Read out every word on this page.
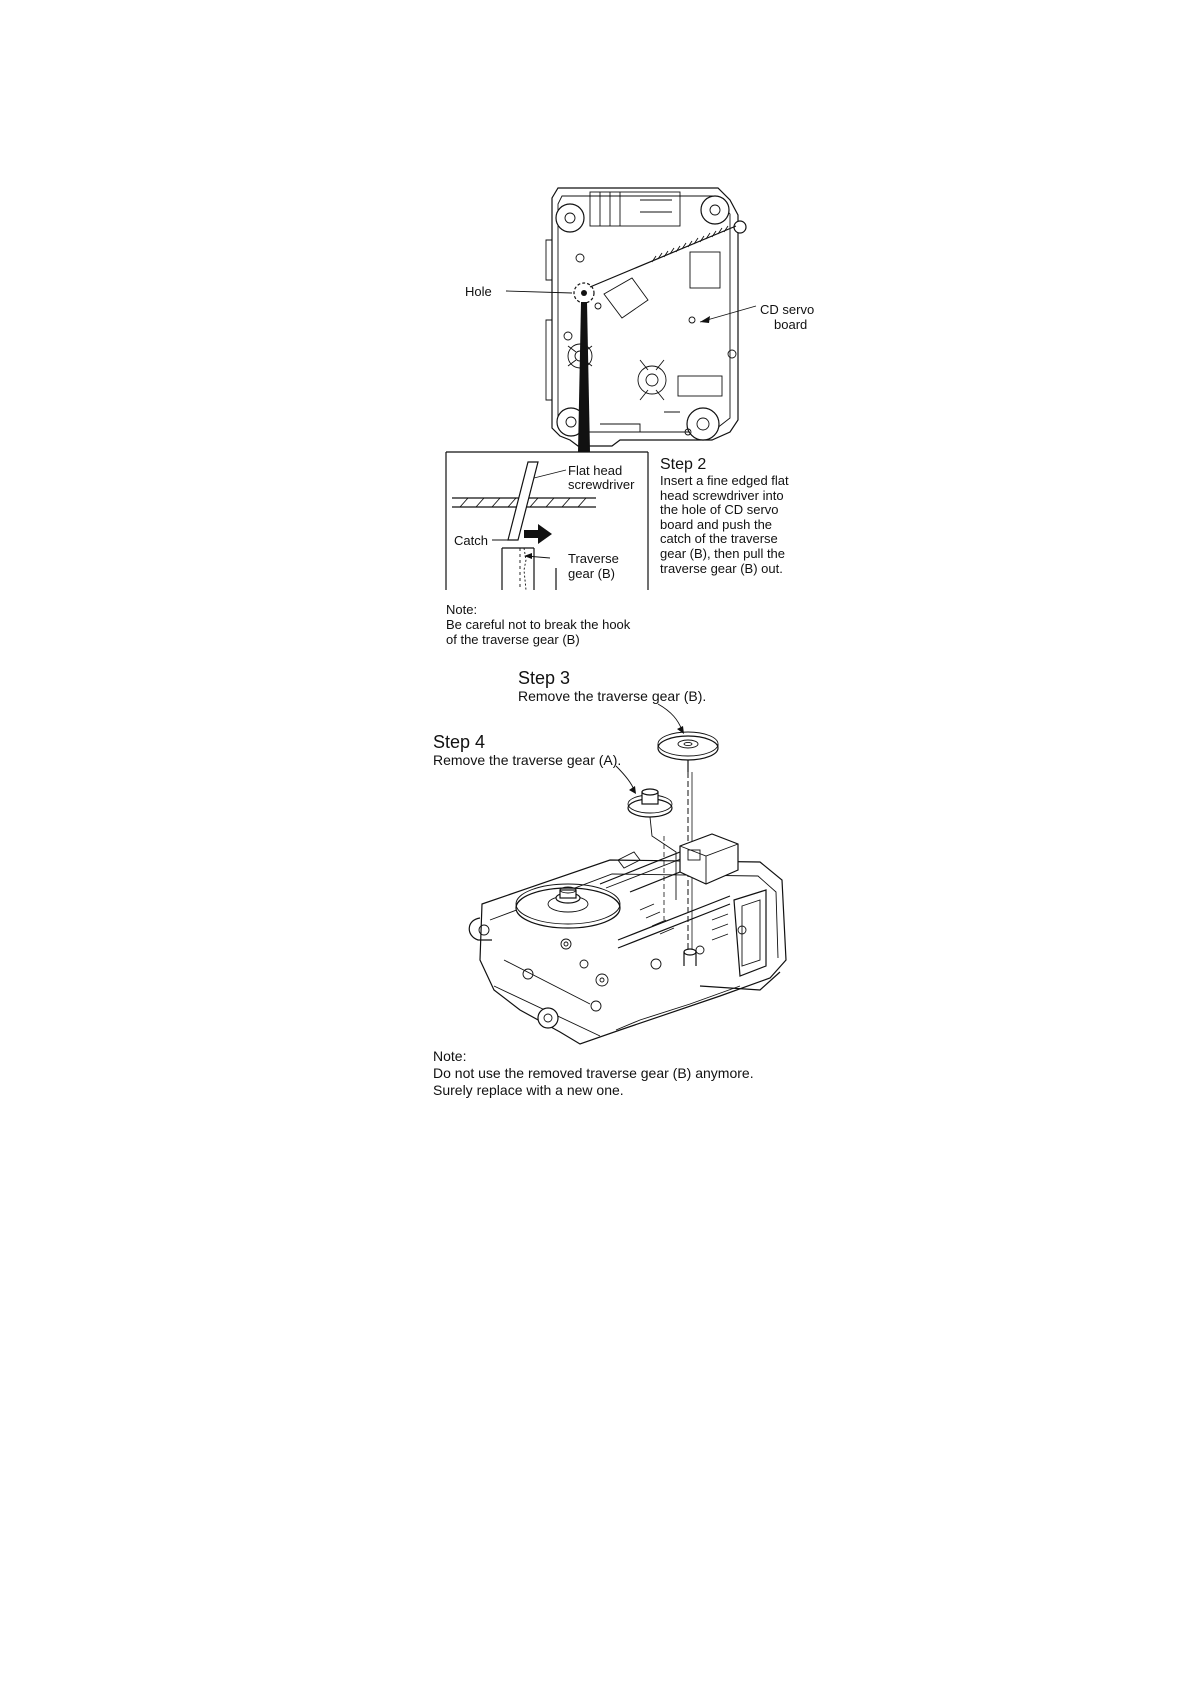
Hole
CD servo
board
Flat head
screwdriver
Catch
Traverse
gear (B)
Step 2
Insert a fine edged flat
head screwdriver into
the hole of CD servo
board and push the
catch of the traverse
gear (B), then pull the
traverse gear (B) out.
Note:
Be careful not to break the hook
of the traverse gear (B)
Step 3
Remove the traverse gear (B).
Step 4
Remove the traverse gear (A).
Note:
Do not use the removed traverse gear (B) anymore.
Surely replace with a new one.
